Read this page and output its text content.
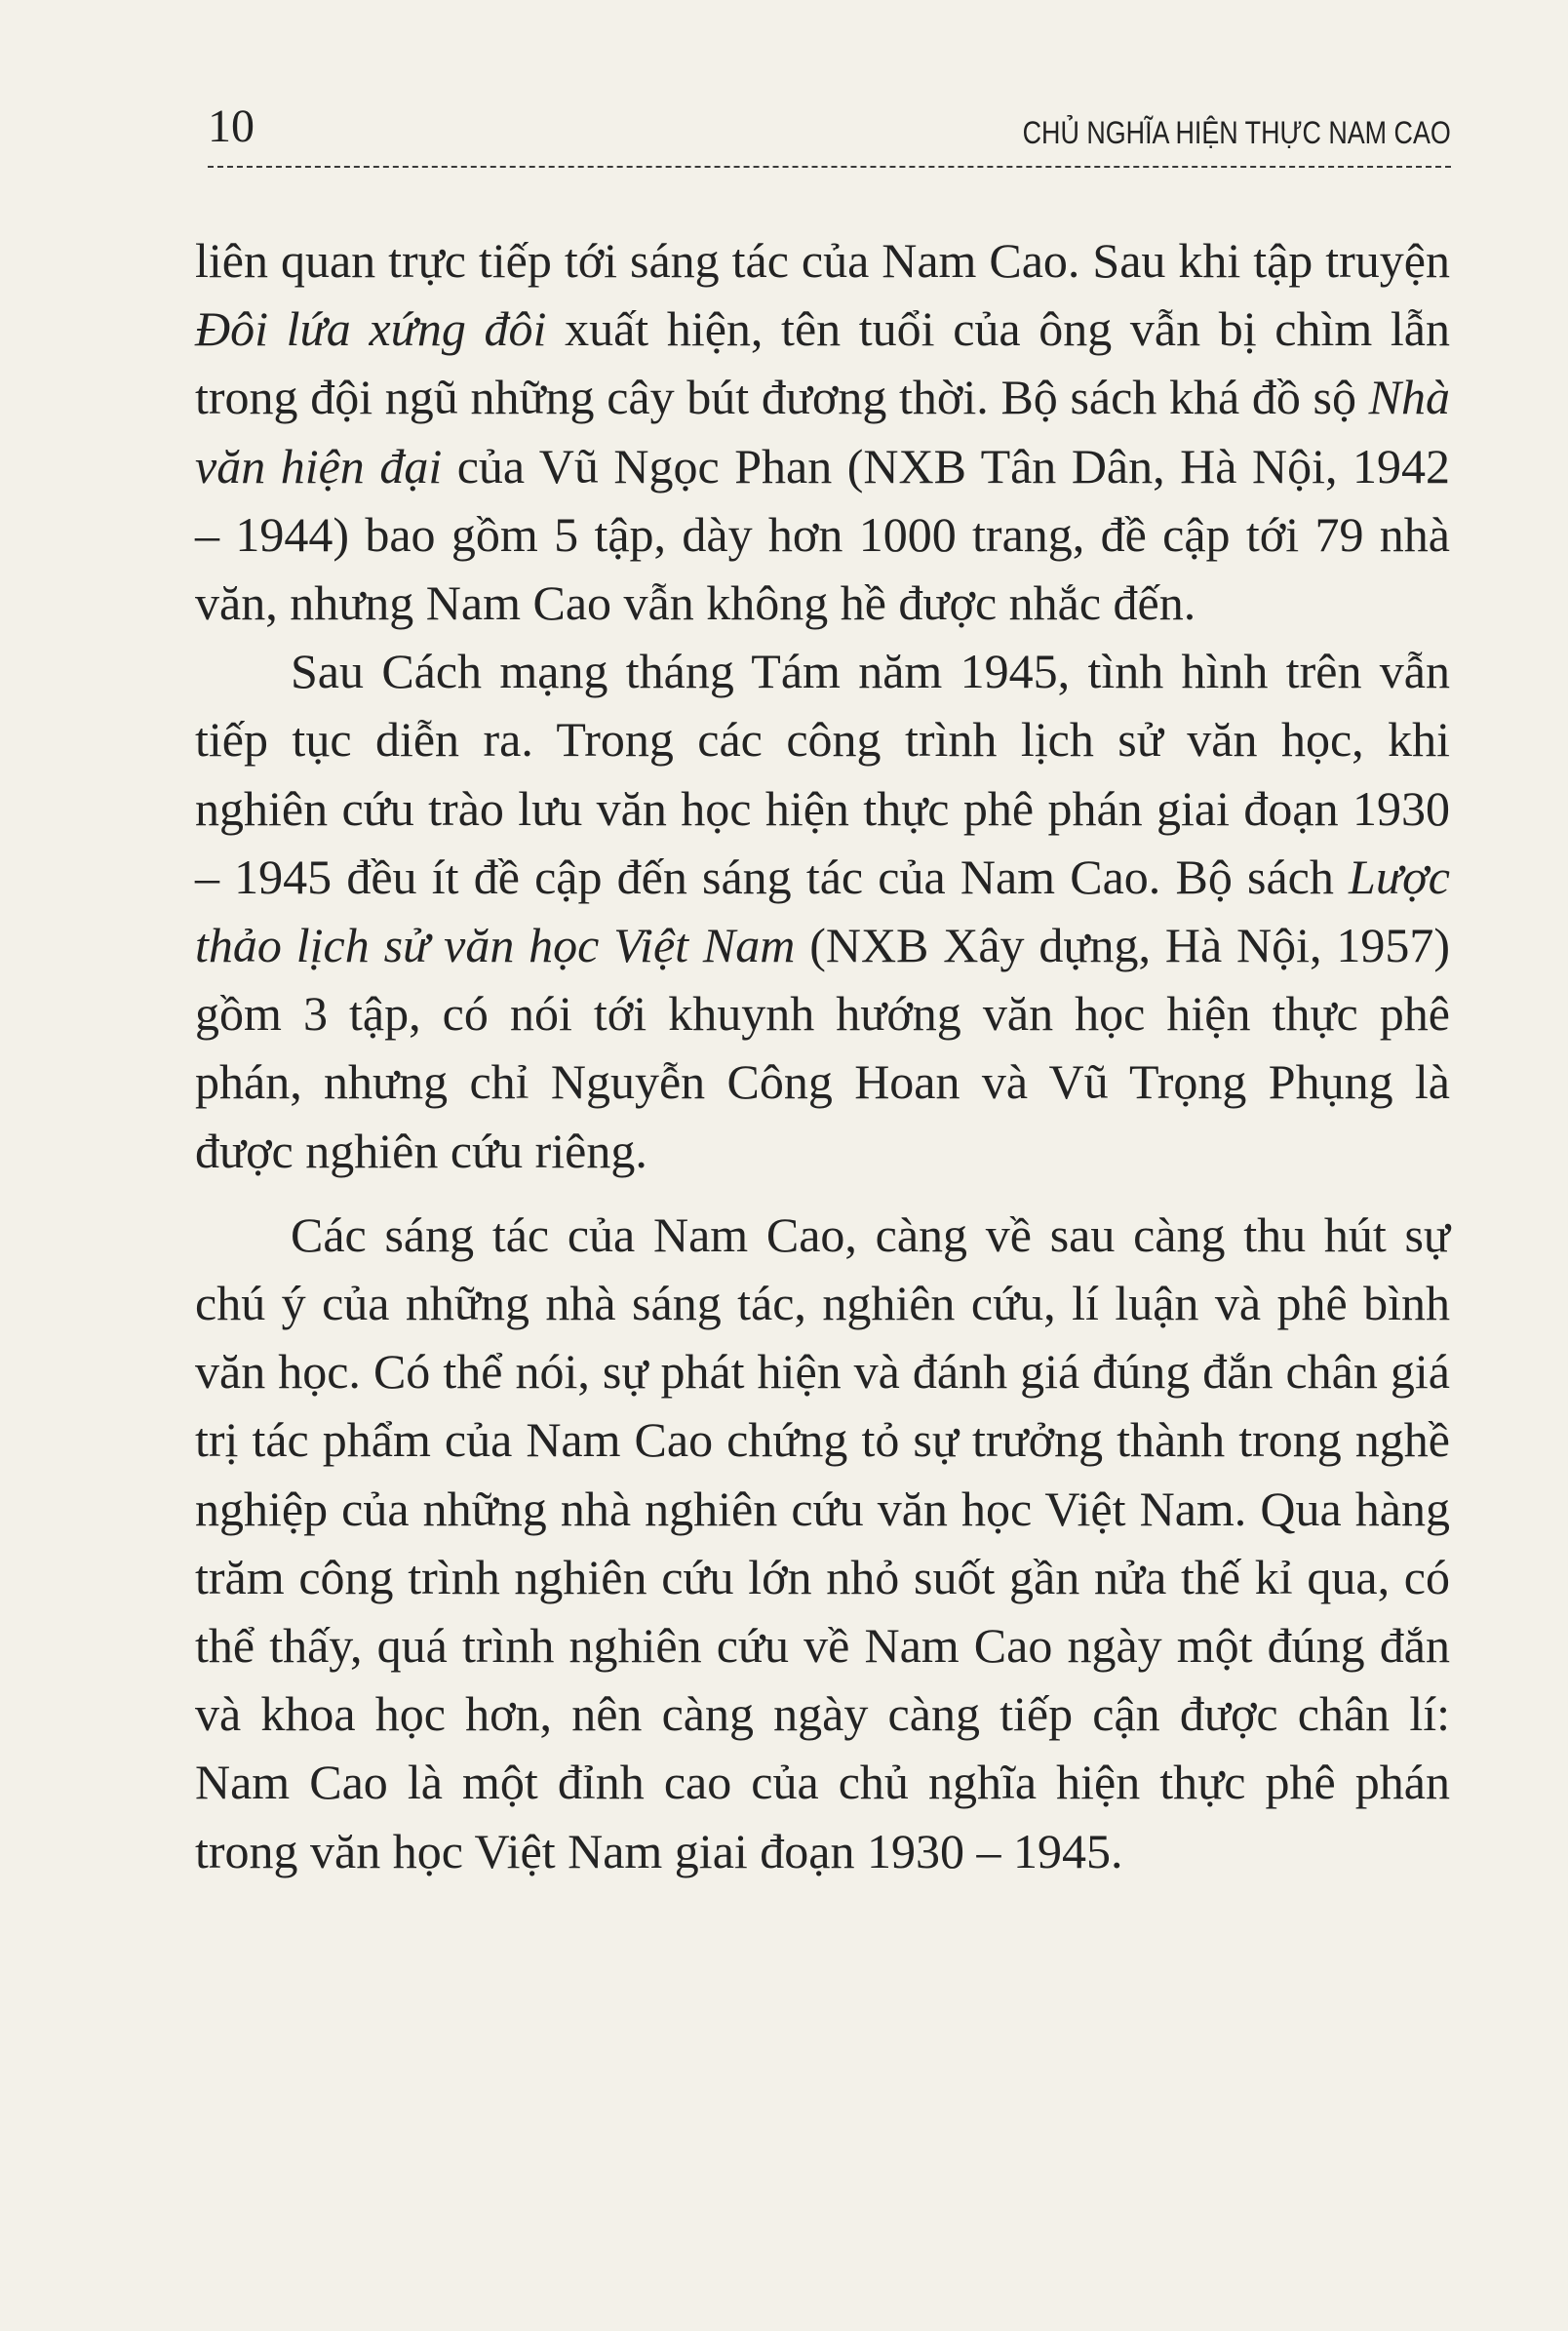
10	CHỦ NGHĨA HIỆN THỰC NAM CAO

liên quan trực tiếp tới sáng tác của Nam Cao. Sau khi tập truyện Đôi lứa xứng đôi xuất hiện, tên tuổi của ông vẫn bị chìm lẫn trong đội ngũ những cây bút đương thời. Bộ sách khá đồ sộ Nhà văn hiện đại của Vũ Ngọc Phan (NXB Tân Dân, Hà Nội, 1942 – 1944) bao gồm 5 tập, dày hơn 1000 trang, đề cập tới 79 nhà văn, nhưng Nam Cao vẫn không hề được nhắc đến.

Sau Cách mạng tháng Tám năm 1945, tình hình trên vẫn tiếp tục diễn ra. Trong các công trình lịch sử văn học, khi nghiên cứu trào lưu văn học hiện thực phê phán giai đoạn 1930 – 1945 đều ít đề cập đến sáng tác của Nam Cao. Bộ sách Lược thảo lịch sử văn học Việt Nam (NXB Xây dựng, Hà Nội, 1957) gồm 3 tập, có nói tới khuynh hướng văn học hiện thực phê phán, nhưng chỉ Nguyễn Công Hoan và Vũ Trọng Phụng là được nghiên cứu riêng.

Các sáng tác của Nam Cao, càng về sau càng thu hút sự chú ý của những nhà sáng tác, nghiên cứu, lí luận và phê bình văn học. Có thể nói, sự phát hiện và đánh giá đúng đắn chân giá trị tác phẩm của Nam Cao chứng tỏ sự trưởng thành trong nghề nghiệp của những nhà nghiên cứu văn học Việt Nam. Qua hàng trăm công trình nghiên cứu lớn nhỏ suốt gần nửa thế kỉ qua, có thể thấy, quá trình nghiên cứu về Nam Cao ngày một đúng đắn và khoa học hơn, nên càng ngày càng tiếp cận được chân lí: Nam Cao là một đỉnh cao của chủ nghĩa hiện thực phê phán trong văn học Việt Nam giai đoạn 1930 – 1945.
